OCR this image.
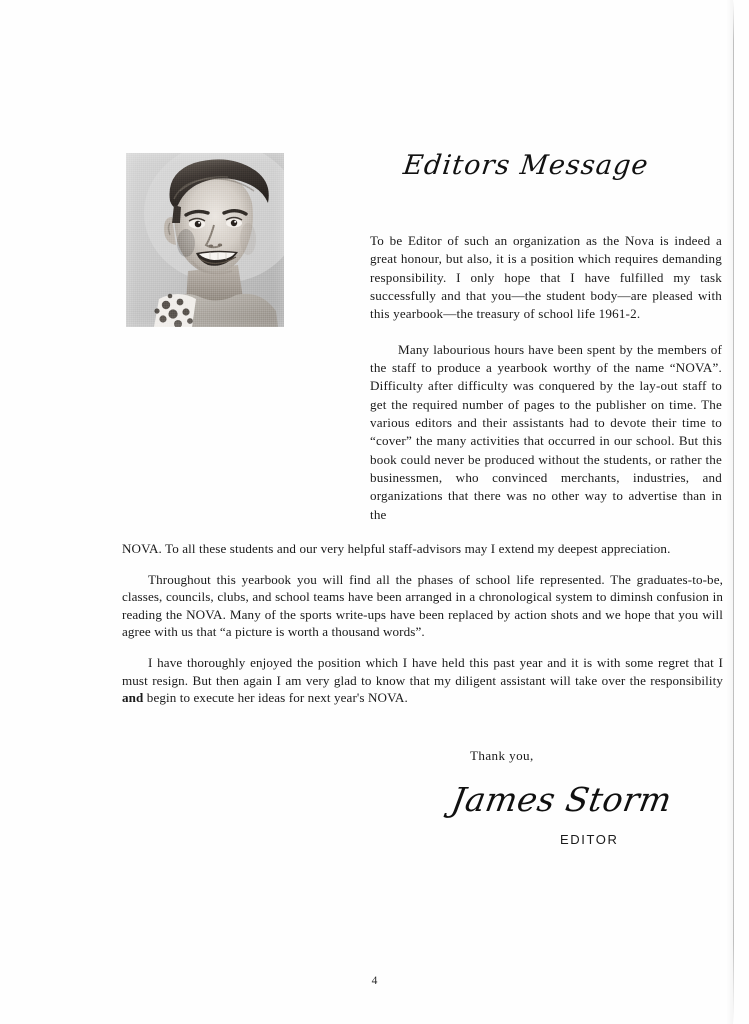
Editors Message

To be Editor of such an organization as the Nova is indeed a great honour, but also, it is a position which requires demanding responsibility. I only hope that I have fulfilled my task successfully and that you—the student body—are pleased with this yearbook—the treasury of school life 1961-2.

Many labourious hours have been spent by the members of the staff to produce a yearbook worthy of the name “NOVA”. Difficulty after difficulty was conquered by the lay-out staff to get the required number of pages to the publisher on time. The various editors and their assistants had to devote their time to “cover” the many activities that occurred in our school. But this book could never be produced without the students, or rather the businessmen, who convinced merchants, industries, and organizations that there was no other way to advertise than in the

NOVA. To all these students and our very helpful staff-advisors may I extend my deepest appreciation.

Throughout this yearbook you will find all the phases of school life represented. The graduates-to-be, classes, councils, clubs, and school teams have been arranged in a chronological system to diminsh confusion in reading the NOVA. Many of the sports write-ups have been replaced by action shots and we hope that you will agree with us that “a picture is worth a thousand words”.

I have thoroughly enjoyed the position which I have held this past year and it is with some regret that I must resign. But then again I am very glad to know that my diligent assistant will take over the responsibility and begin to execute her ideas for next year's NOVA.

Thank you,
James Storm
EDITOR
4
